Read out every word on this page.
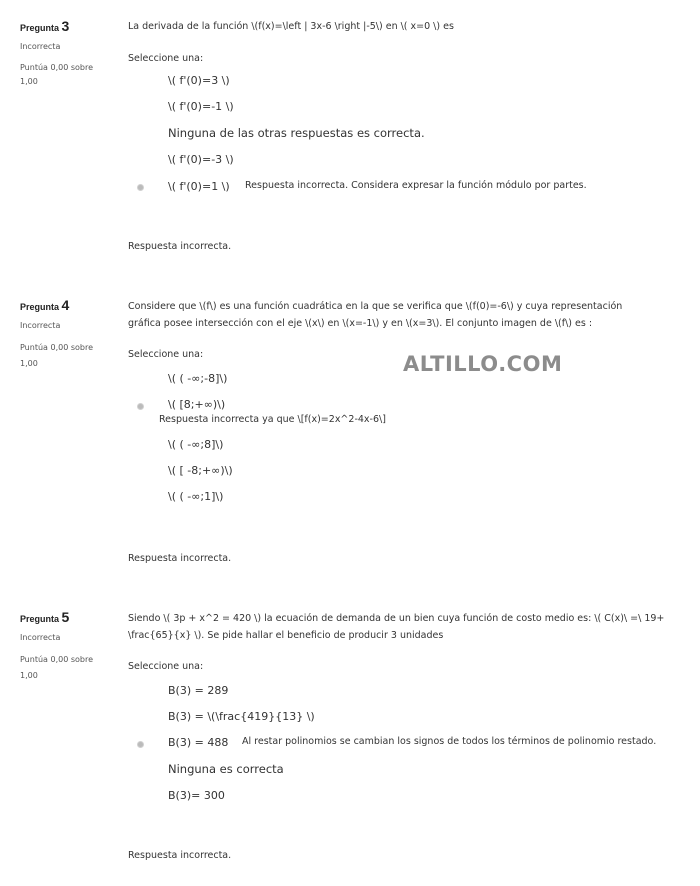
Pregunta 3
Incorrecta
Puntúa 0,00 sobre
1,00
La derivada de la función \(f(x)=\left | 3x-6 \right |-5\) en \( x=0 \) es
Seleccione una:
\( f'(0)=3 \)
\( f'(0)=-1 \)
Ninguna de las otras respuestas es correcta.
\( f'(0)=-3 \)
\( f'(0)=1 \) Respuesta incorrecta. Considera expresar la función módulo por partes.
Respuesta incorrecta.
Pregunta 4
Incorrecta
Puntúa 0,00 sobre
1,00
Considere que \(f\) es una función cuadrática en la que se verifica que \(f(0)=-6\) y cuya representación
gráfica posee intersección con el eje \(x\) en \(x=-1\) y en \(x=3\). El conjunto imagen de \(f\) es :
Seleccione una:	ALTILLO.COM
\( ( -∞;-8]\)
\( [8;+∞)\)
Respuesta incorrecta ya que \[f(x)=2x^2-4x-6\]
\( ( -∞;8]\)
\( [ -8;+∞)\)
\( ( -∞;1]\)
Respuesta incorrecta.
Pregunta 5
Incorrecta
Puntúa 0,00 sobre
1,00
Siendo \( 3p + x^2 = 420 \) la ecuación de demanda de un bien cuya función de costo medio es: \( C(x)\ =\ 19+
\frac{65}{x} \). Se pide hallar el beneficio de producir 3 unidades
Seleccione una:
B(3) = 289
B(3) = \(\frac{419}{13} \)
B(3) = 488 Al restar polinomios se cambian los signos de todos los términos de polinomio restado.
Ninguna es correcta
B(3)= 300
Respuesta incorrecta.
